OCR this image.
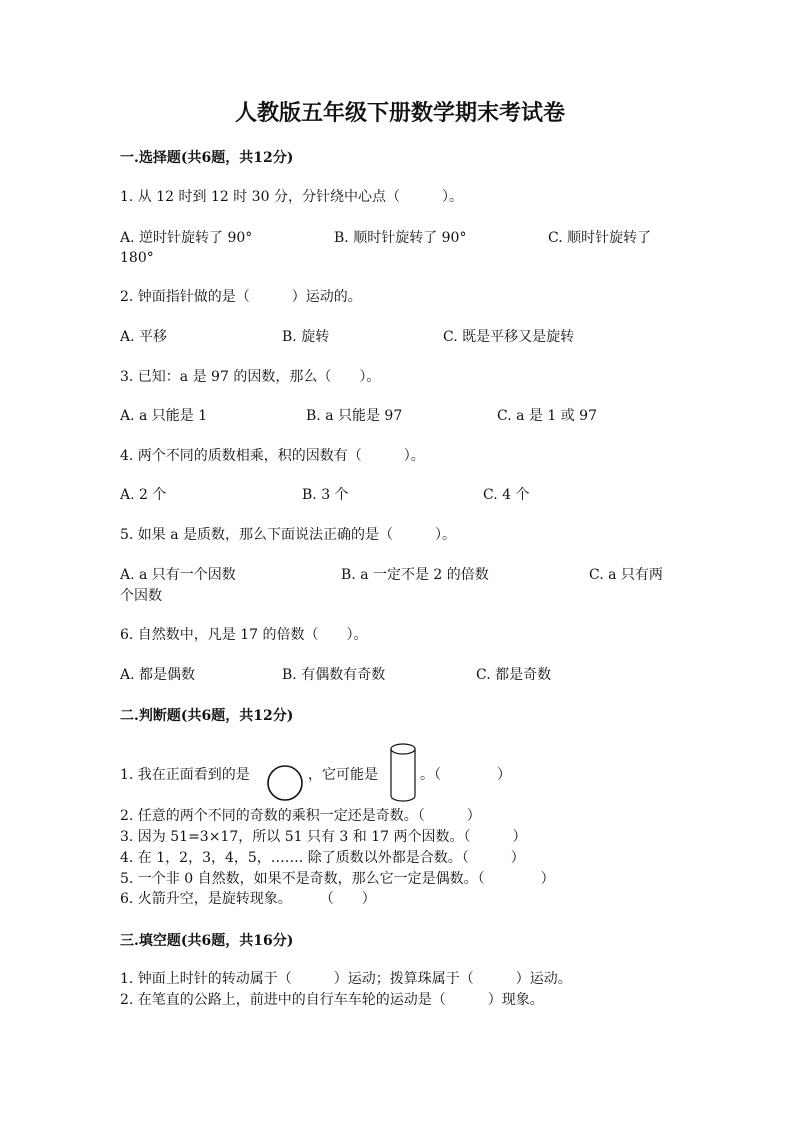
人教版五年级下册数学期末考试卷
一.选择题(共6题，共12分)
1. 从 12 时到 12 时 30 分，分针绕中心点（　　　）。
A. 逆时针旋转了 90°	B. 顺时针旋转了 90°	C. 顺时针旋转了
180°
2. 钟面指针做的是（　　　）运动的。
A. 平移	B. 旋转	C. 既是平移又是旋转
3. 已知：a 是 97 的因数，那么（　　）。
A. a 只能是 1	B. a 只能是 97	C. a 是 1 或 97
4. 两个不同的质数相乘，积的因数有（　　　）。
A. 2 个	B. 3 个	C. 4 个
5. 如果 a 是质数，那么下面说法正确的是（　　　）。
A. a 只有一个因数	B. a 一定不是 2 的倍数	C. a 只有两
个因数
6. 自然数中，凡是 17 的倍数（　　）。
A. 都是偶数	B. 有偶数有奇数	C. 都是奇数
二.判断题(共6题，共12分)
1. 我在正面看到的是	，它可能是	。（　　　　）
2. 任意的两个不同的奇数的乘积一定还是奇数。（　　　）
3. 因为 51=3×17，所以 51 只有 3 和 17 两个因数。（　　　）
4. 在 1，2，3，4，5，……. 除了质数以外都是合数。（　　　）
5. 一个非 0 自然数，如果不是奇数，那么它一定是偶数。（　　　　）
6. 火箭升空，是旋转现象。　　　（　　）
三.填空题(共6题，共16分)
1. 钟面上时针的转动属于（　　　）运动；拨算珠属于（　　　）运动。
2. 在笔直的公路上，前进中的自行车车轮的运动是（　　　）现象。
